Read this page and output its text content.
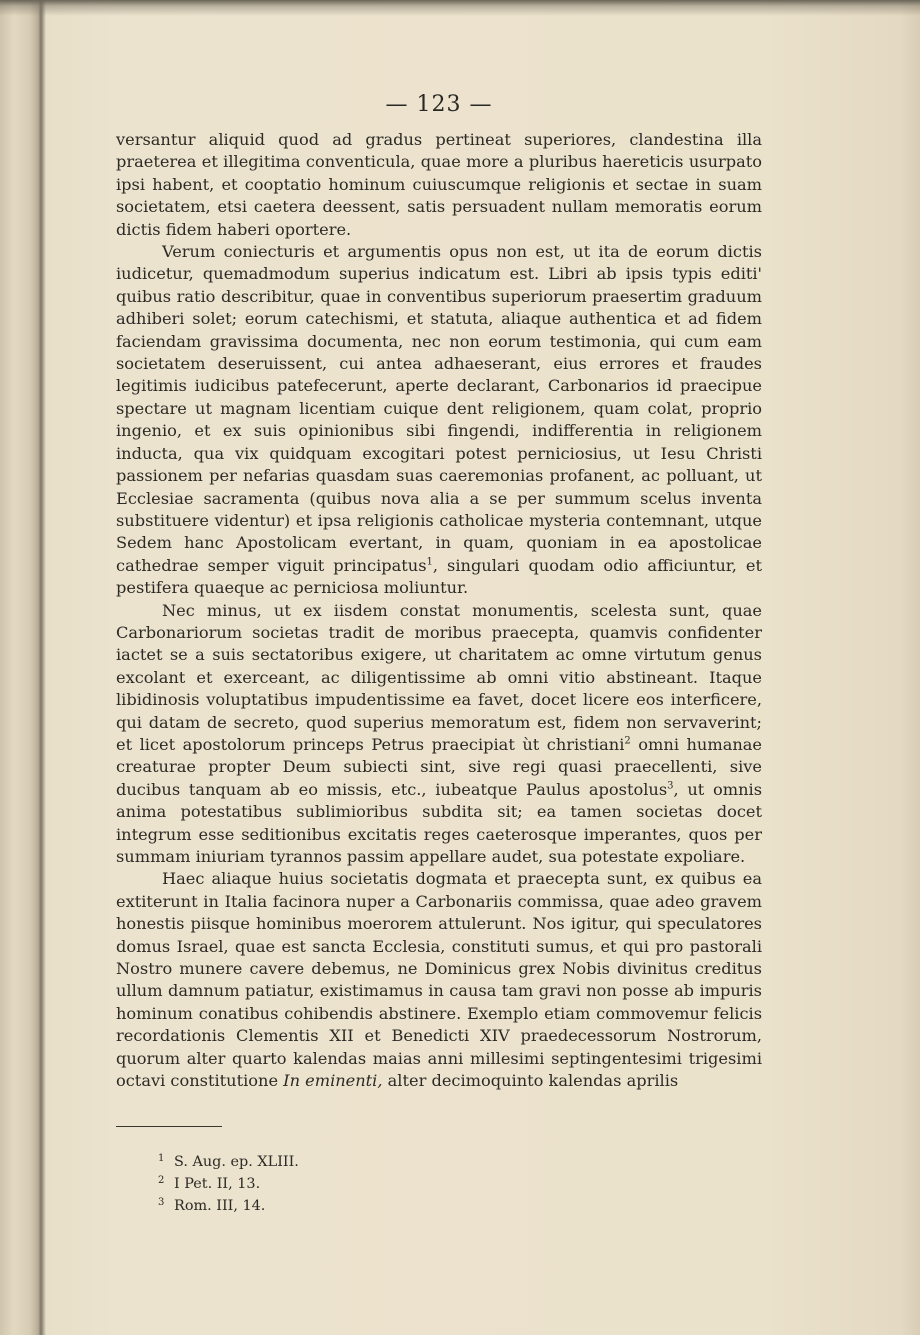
— 123 —

versantur aliquid quod ad gradus pertineat superiores, clandestina illa praeterea et illegitima conventicula, quae more a pluribus haereticis usurpato ipsi habent, et cooptatio hominum cuiuscumque religionis et sectae in suam societatem, etsi caetera deessent, satis persuadent nullam memoratis eorum dictis fidem haberi oportere.

Verum coniecturis et argumentis opus non est, ut ita de eorum dictis iudicetur, quemadmodum superius indicatum est. Libri ab ipsis typis editi' quibus ratio describitur, quae in conventibus superiorum praesertim graduum adhiberi solet; eorum catechismi, et statuta, aliaque authentica et ad fidem faciendam gravissima documenta, nec non eorum testimonia, qui cum eam societatem deseruissent, cui antea adhaeserant, eius errores et fraudes legitimis iudicibus patefecerunt, aperte declarant, Carbonarios id praecipue spectare ut magnam licentiam cuique dent religionem, quam colat, proprio ingenio, et ex suis opinionibus sibi fingendi, indifferentia in religionem inducta, qua vix quidquam excogitari potest perniciosius, ut Iesu Christi passionem per nefarias quasdam suas caeremonias profanent, ac polluant, ut Ecclesiae sacramenta (quibus nova alia a se per summum scelus inventa substituere videntur) et ipsa religionis catholicae mysteria contemnant, utque Sedem hanc Apostolicam evertant, in quam, quoniam in ea apostolicae cathedrae semper viguit principatus$^1$, singulari quodam odio afficiuntur, et pestifera quaeque ac perniciosa moliuntur.

Nec minus, ut ex iisdem constat monumentis, scelesta sunt, quae Carbonariorum societas tradit de moribus praecepta, quamvis confidenter iactet se a suis sectatoribus exigere, ut charitatem ac omne virtutum genus excolant et exerceant, ac diligentissime ab omni vitio abstineant. Itaque libidinosis voluptatibus impudentissime ea favet, docet licere eos interficere, qui datam de secreto, quod superius memoratum est, fidem non servaverint; et licet apostolorum princeps Petrus praecipiat ùt christiani$^2$ omni humanae creaturae propter Deum subiecti sint, sive regi quasi praecellenti, sive ducibus tanquam ab eo missis, etc., iubeatque Paulus apostolus$^3$, ut omnis anima potestatibus sublimioribus subdita sit; ea tamen societas docet integrum esse seditionibus excitatis reges caeterosque imperantes, quos per summam iniuriam tyrannos passim appellare audet, sua potestate expoliare.

Haec aliaque huius societatis dogmata et praecepta sunt, ex quibus ea extiterunt in Italia facinora nuper a Carbonariis commissa, quae adeo gravem honestis piisque hominibus moerorem attulerunt. Nos igitur, qui speculatores domus Israel, quae est sancta Ecclesia, constituti sumus, et qui pro pastorali Nostro munere cavere debemus, ne Dominicus grex Nobis divinitus creditus ullum damnum patiatur, existimamus in causa tam gravi non posse ab impuris hominum conatibus cohibendis abstinere. Exemplo etiam commovemur felicis recordationis Clementis XII et Benedicti XIV praedecessorum Nostrorum, quorum alter quarto kalendas maias anni millesimi septingentesimi trigesimi octavi constitutione In eminenti, alter decimoquinto kalendas aprilis

1 S. Aug. ep. XLIII.
2 I Pet. II, 13.
3 Rom. III, 14.
